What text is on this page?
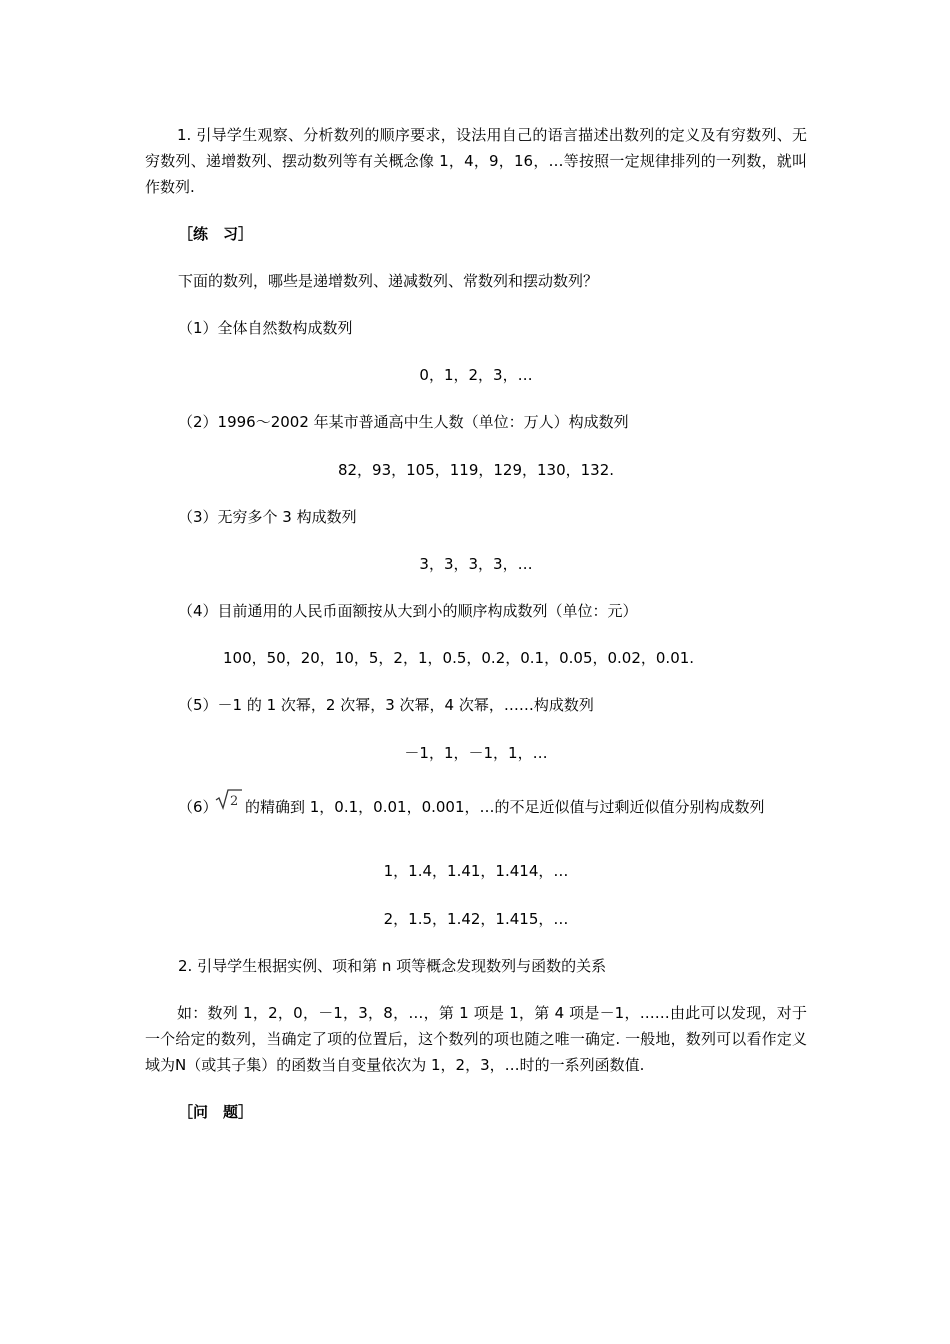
1. 引导学生观察、分析数列的顺序要求，设法用自己的语言描述出数列的定义及有穷数列、无穷数列、递增数列、摆动数列等有关概念像 1，4，9，16，…等按照一定规律排列的一列数，就叫作数列.
［练　习］
下面的数列，哪些是递增数列、递减数列、常数列和摆动数列？
（1）全体自然数构成数列
0，1，2，3，…
（2）1996～2002 年某市普通高中生人数（单位：万人）构成数列
82，93，105，119，129，130，132.
（3）无穷多个 3 构成数列
3，3，3，3，…
（4）目前通用的人民币面额按从大到小的顺序构成数列（单位：元）
100，50，20，10，5，2，1，0.5，0.2，0.1，0.05，0.02，0.01.
（5）－1 的 1 次幂，2 次幂，3 次幂，4 次幂，……构成数列
－1，1，－1，1，…
（6） 2 的精确到 1，0.1，0.01，0.001，…的不足近似值与过剩近似值分别构成数列
1，1.4，1.41，1.414，…
2，1.5，1.42，1.415，…
2. 引导学生根据实例、项和第 n 项等概念发现数列与函数的关系
如：数列 1，2，0，－1，3，8，…，第 1 项是 1，第 4 项是－1，……由此可以发现，对于一个给定的数列，当确定了项的位置后，这个数列的项也随之唯一确定. 一般地，数列可以看作定义域为N（或其子集）的函数当自变量依次为 1，2，3，…时的一系列函数值.
［问　题］
